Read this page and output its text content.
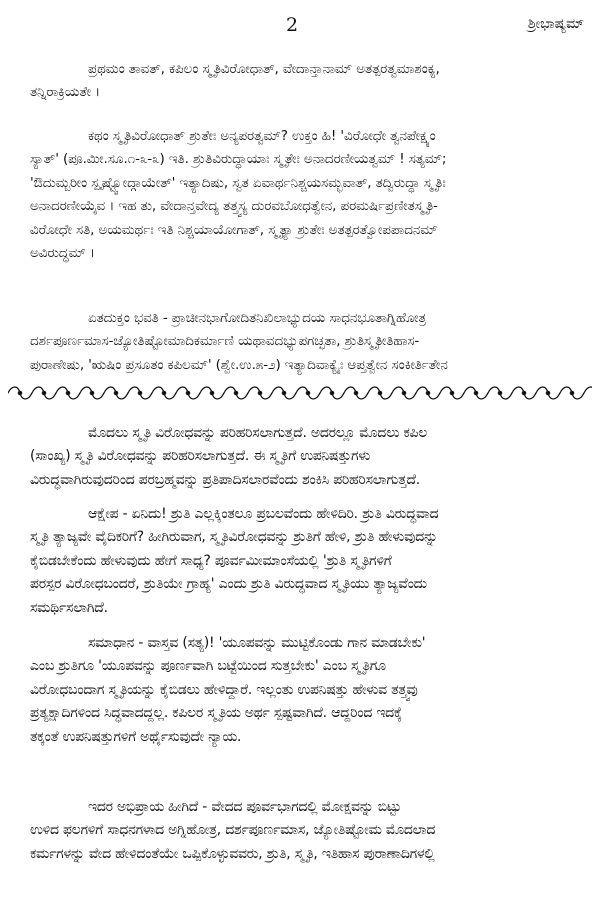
2	ಶ್ರೀಭಾಷ್ಯಮ್
ಪ್ರಥಮಂ ತಾವತ್, ಕಪಿಲಂ ಸ್ಮೃತಿವಿರೋಧಾತ್, ವೇದಾನ್ತಾನಾಮ್ ಅತತ್ಪರತ್ವಮಾಶಂಕ್ಯ,
ತನ್ನಿರಾಕ್ರಿಯತೇ ।
ಕಥಂ ಸ್ಮೃತಿವಿರೋಧಾತ್ ಶ್ರುತೇಃ ಅನ್ಯಪರತ್ವಮ್? ಉಕ್ತಂ ಹಿ! 'ವಿರೋಧೇ ತ್ವನಪೇಕ್ಷ್ಯಂ
ಸ್ಯಾತ್' (ಪೂ.ಮೀ.ಸೂ.೧-೩-೩) ಇತಿ. ಶ್ರುತಿವಿರುದ್ಧಾಯಾಃ ಸ್ಮೃತೇಃ ಅನಾದರಣೀಯತ್ವಮ್ ! ಸತ್ಯಮ್;
'ಔದುಮ್ಬರೀಂ ಸ್ಪೃಷ್ಟ್ವೋದ್ಗಾಯೇತ್' ಇತ್ಯಾದಿಷು, ಸ್ವತ ಏವಾರ್ಥನಿಶ್ಚಯಸಮ್ಭವಾತ್, ತದ್ವಿರುದ್ಧಾ ಸ್ಮೃತಿಃ
ಅನಾದರಣೀಯೈವ । ಇಹ ತು, ವೇದಾನ್ತವೇದ್ಯ ತತ್ತ್ವಸ್ಯ ದುರವಬೋಧತ್ವೇನ, ಪರಮರ್ಷಿಪ್ರಣೀತಸ್ಮೃತಿ-
ವಿರೋಧೇ ಸತಿ, ಅಯಮರ್ಥಃ ಇತಿ ನಿಶ್ಚಯಾಯೋಗಾತ್, ಸ್ಮೃತ್ಯಾ ಶ್ರುತೇಃ ಅತತ್ಪರತ್ವೋಪಪಾದನಮ್
ಅವಿರುದ್ಧಮ್ ।
ಏತದುಕ್ತಂ ಭವತಿ - ಪ್ರಾಚೀನಭಾಗೋದಿತನಿಖಿಲಾಭ್ಯುದಯ ಸಾಧನಭೂತಾಗ್ನಿಹೋತ್ರ
ದರ್ಶಪೂರ್ಣಮಾಸ-ಜ್ಯೋತಿಷ್ಟೋಮಾದಿಕರ್ಮಾಣಿ ಯಥಾವದಭ್ಯುಪಗಚ್ಛತಾ, ಶ್ರುತಿಸ್ಮೃತೀತಿಹಾಸ-
ಪುರಾಣೇಷು, 'ಋಷಿಂ ಪ್ರಸೂತಂ ಕಪಿಲಮ್' (ಶ್ವೇ.ಉ.೫-೨) ಇತ್ಯಾದಿವಾಕ್ಯೈಃ ಆಪ್ತತ್ವೇನ ಸಂಕೀರ್ತಿತೇನ
ಮೊದಲು ಸ್ಮೃತಿ ವಿರೋಧವನ್ನು ಪರಿಹರಿಸಲಾಗುತ್ತದೆ. ಅದರಲ್ಲೂ ಮೊದಲು ಕಪಿಲ
(ಸಾಂಖ್ಯ) ಸ್ಮೃತಿ ವಿರೋಧವನ್ನು ಪರಿಹರಿಸಲಾಗುತ್ತದೆ. ಈ ಸ್ಮೃತಿಗೆ ಉಪನಿಷತ್ತುಗಳು
ವಿರುದ್ಧವಾಗಿರುವುದರಿಂದ ಪರಬ್ರಹ್ಮವನ್ನು ಪ್ರತಿಪಾದಿಸಲಾರವೆಂದು ಶಂಕಿಸಿ ಪರಿಹರಿಸಲಾಗುತ್ತದೆ.
ಆಕ್ಷೇಪ - ಏನಿದು! ಶ್ರುತಿ ಎಲ್ಲಕ್ಕಿಂತಲೂ ಪ್ರಬಲವೆಂದು ಹೇಳಿದಿರಿ. ಶ್ರುತಿ ವಿರುದ್ಧವಾದ
ಸ್ಮೃತಿ ತ್ಯಾಜ್ಯವೇ ವೈದಿಕರಿಗೆ? ಹೀಗಿರುವಾಗ, ಸ್ಮೃತಿವಿರೋಧವನ್ನು ಶ್ರುತಿಗೆ ಹೇಳಿ, ಶ್ರುತಿ ಹೇಳುವುದನ್ನು
ಕೈಬಿಡಬೇಕೆಂದು ಹೇಳುವುದು ಹೇಗೆ ಸಾಧ್ಯ? ಪೂರ್ವಮೀಮಾಂಸೆಯಲ್ಲಿ 'ಶ್ರುತಿ ಸ್ಮೃತಿಗಳಿಗೆ
ಪರಸ್ಪರ ವಿರೋಧಬಂದರೆ, ಶ್ರುತಿಯೇ ಗ್ರಾಹ್ಯ' ಎಂದು ಶ್ರುತಿ ವಿರುದ್ಧವಾದ ಸ್ಮೃತಿಯು ತ್ಯಾಜ್ಯವೆಂದು
ಸಮರ್ಥಿಸಲಾಗಿದೆ.
ಸಮಾಧಾನ - ವಾಸ್ತವ (ಸತ್ಯ)! 'ಯೂಪವನ್ನು ಮುಟ್ಟಿಕೊಂಡು ಗಾನ ಮಾಡಬೇಕು'
ಎಂಬ ಶ್ರುತಿಗೂ 'ಯೂಪವನ್ನು ಪೂರ್ಣವಾಗಿ ಬಟ್ಟೆಯಿಂದ ಸುತ್ತಬೇಕು' ಎಂಬ ಸ್ಮೃತಿಗೂ
ವಿರೋಧಬಂದಾಗ ಸ್ಮೃತಿಯನ್ನು ಕೈಬಿಡಲು ಹೇಳಿದ್ದಾರೆ. ಇಲ್ಲಂತು ಉಪನಿಷತ್ತು ಹೇಳುವ ತತ್ತ್ವವು
ಪ್ರತ್ಯಕ್ಷಾದಿಗಳಿಂದ ಸಿದ್ಧವಾದದ್ದಲ್ಲ. ಕಪಿಲರ ಸ್ಮೃತಿಯ ಅರ್ಥ ಸ್ಪಷ್ಟವಾಗಿದೆ. ಆದ್ದರಿಂದ ಇದಕ್ಕೆ
ತಕ್ಕಂತೆ ಉಪನಿಷತ್ತುಗಳಿಗೆ ಅರ್ಥೈಸುವುದೇ ನ್ಯಾಯ.
ಇದರ ಅಭಿಪ್ರಾಯ ಹೀಗಿದೆ - ವೇದದ ಪೂರ್ವಭಾಗದಲ್ಲಿ ಮೋಕ್ಷವನ್ನು ಬಿಟ್ಟು
ಉಳಿದ ಫಲಗಳಿಗೆ ಸಾಧನಗಳಾದ ಅಗ್ನಿಹೋತ್ರ, ದರ್ಶಪೂರ್ಣಮಾಸ, ಜ್ಯೋತಿಷ್ಟೋಮ ಮೊದಲಾದ
ಕರ್ಮಗಳನ್ನು ವೇದ ಹೇಳಿದಂತೆಯೇ ಒಪ್ಪಿಕೊಳ್ಳುವವರು, ಶ್ರುತಿ, ಸ್ಮೃತಿ, ಇತಿಹಾಸ ಪುರಾಣಾದಿಗಳಲ್ಲಿ
